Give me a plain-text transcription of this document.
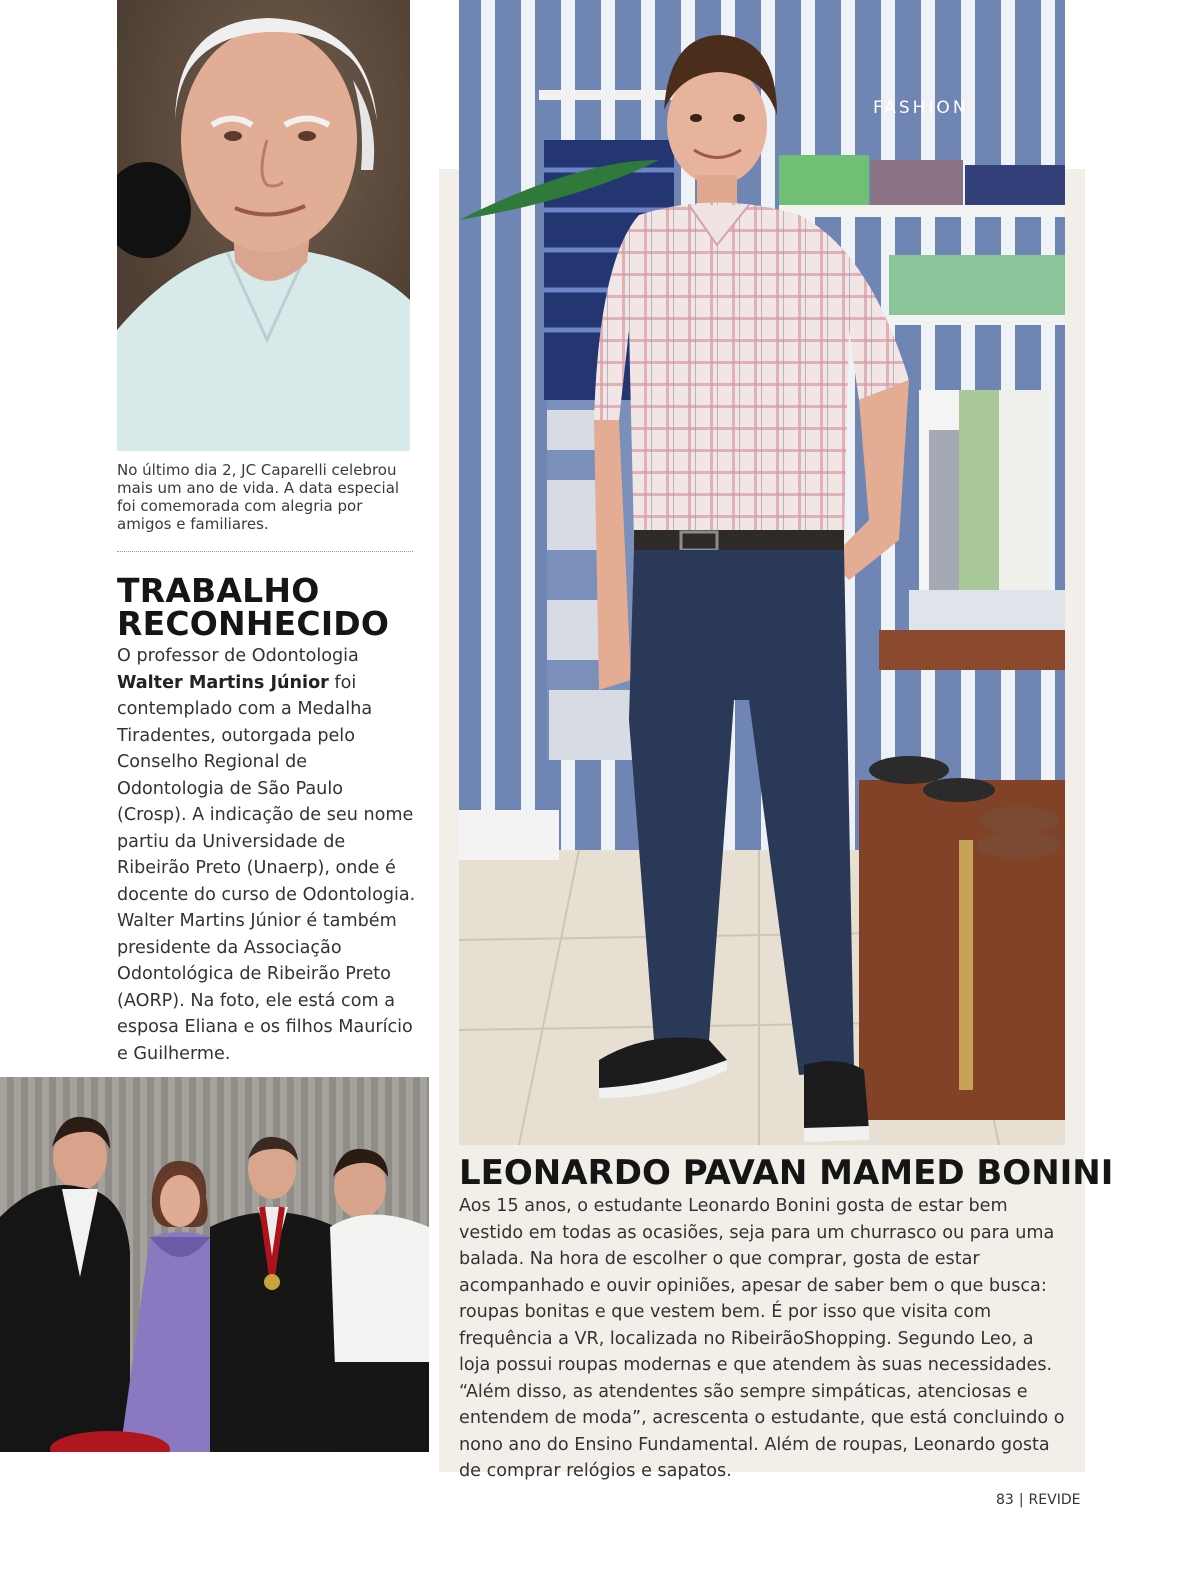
No último dia 2, JC Caparelli celebrou mais um ano de vida. A data especial foi comemorada com alegria por amigos e familiares.
TRABALHO
RECONHECIDO
O professor de Odontologia Walter Martins Júnior foi contemplado com a Medalha Tiradentes, outorgada pelo Conselho Regional de Odontologia de São Paulo (Crosp). A indicação de seu nome partiu da Universidade de Ribeirão Preto (Unaerp), onde é docente do curso de Odontologia. Walter Martins Júnior é também presidente da Associação Odontológica de Ribeirão Preto (AORP). Na foto, ele está com a esposa Eliana e os filhos Maurício e Guilherme.
FASHION
LEONARDO PAVAN MAMED BONINI
Aos 15 anos, o estudante Leonardo Bonini gosta de estar bem vestido em todas as ocasiões, seja para um churrasco ou para uma balada. Na hora de escolher o que comprar, gosta de estar acompanhado e ouvir opiniões, apesar de saber bem o que busca: roupas bonitas e que vestem bem. É por isso que visita com frequência a VR, localizada no RibeirãoShopping. Segundo Leo, a loja possui roupas modernas e que atendem às suas necessidades. “Além disso, as atendentes são sempre simpáticas, atenciosas e entendem de moda”, acrescenta o estudante, que está concluindo o nono ano do Ensino Fundamental. Além de roupas, Leonardo gosta de comprar relógios e sapatos.
83 | REVIDE
